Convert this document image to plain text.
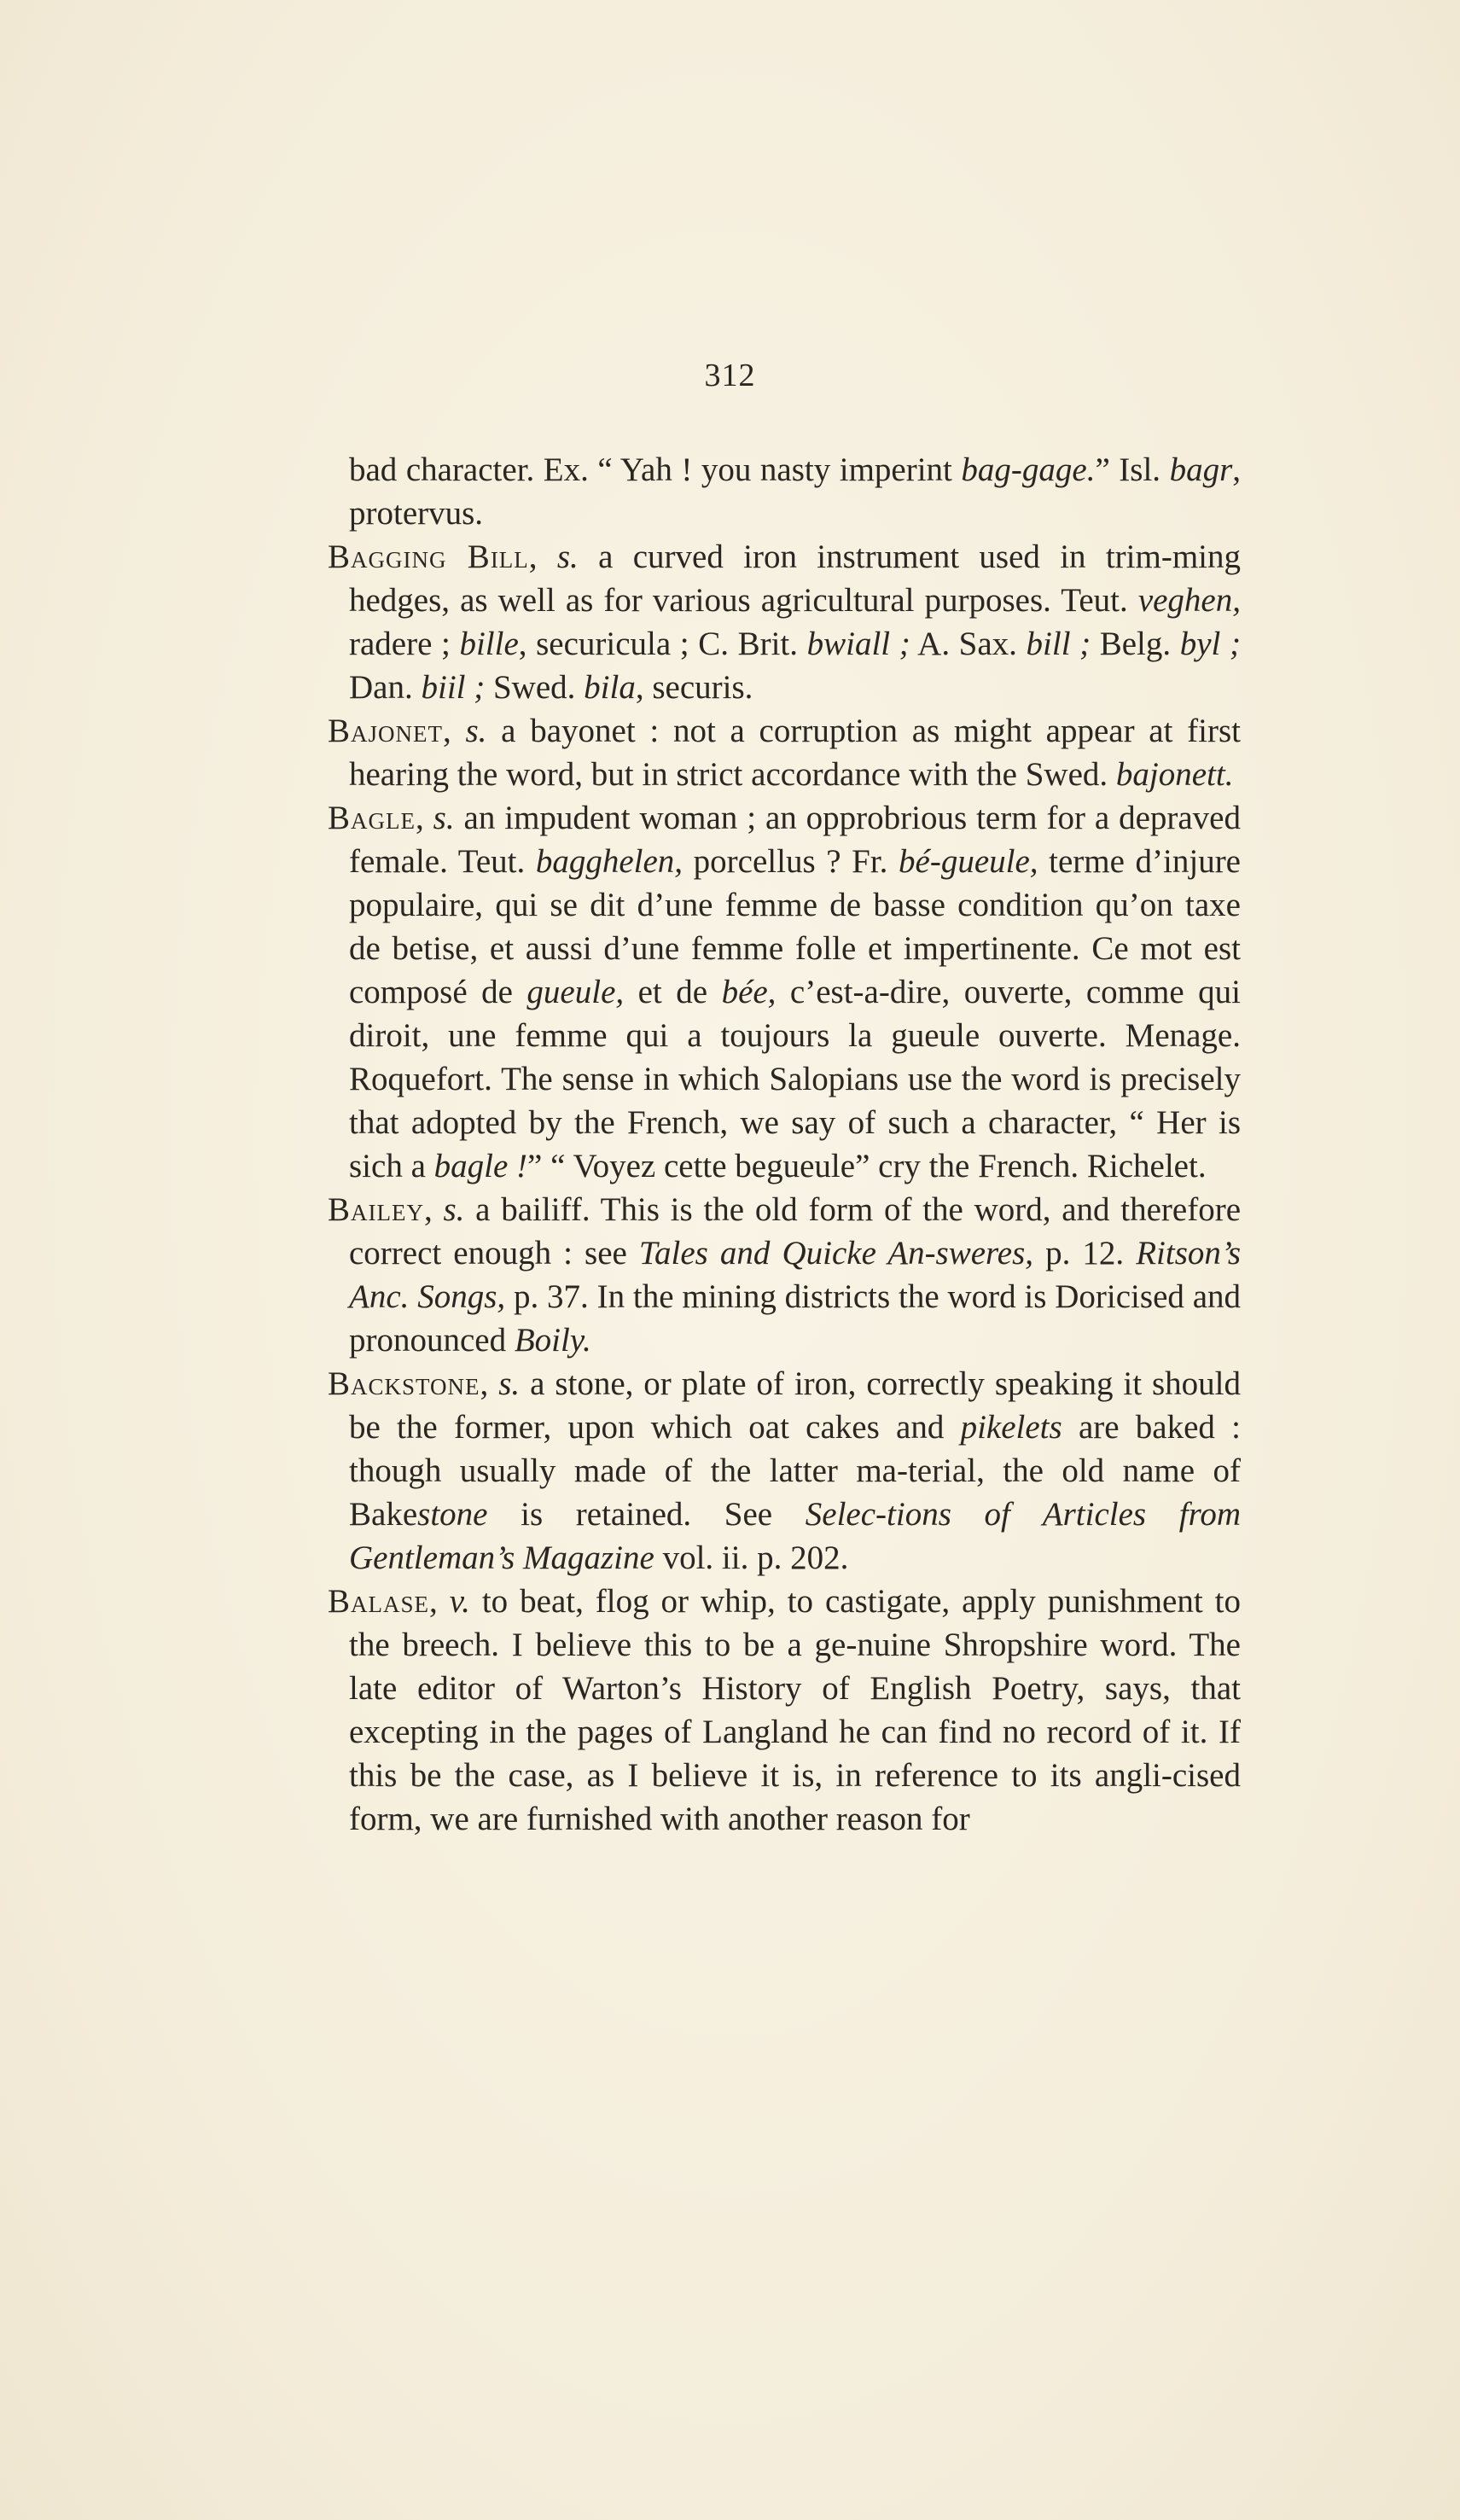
312

bad character. Ex. “ Yah ! you nasty imperint bag-gage.” Isl. bagr, protervus.

Bagging Bill, s. a curved iron instrument used in trim-ming hedges, as well as for various agricultural purposes. Teut. veghen, radere ; bille, securicula ; C. Brit. bwiall ; A. Sax. bill ; Belg. byl ; Dan. biil ; Swed. bila, securis.

Bajonet, s. a bayonet : not a corruption as might appear at first hearing the word, but in strict accordance with the Swed. bajonett.

Bagle, s. an impudent woman ; an opprobrious term for a depraved female. Teut. bagghelen, porcellus ? Fr. bé-gueule, terme d’injure populaire, qui se dit d’une femme de basse condition qu’on taxe de betise, et aussi d’une femme folle et impertinente. Ce mot est composé de gueule, et de bée, c’est-a-dire, ouverte, comme qui diroit, une femme qui a toujours la gueule ouverte. Menage. Roquefort. The sense in which Salopians use the word is precisely that adopted by the French, we say of such a character, “ Her is sich a bagle !” “ Voyez cette begueule” cry the French. Richelet.

Bailey, s. a bailiff. This is the old form of the word, and therefore correct enough : see Tales and Quicke An-sweres, p. 12. Ritson’s Anc. Songs, p. 37. In the mining districts the word is Doricised and pronounced Boily.

Backstone, s. a stone, or plate of iron, correctly speaking it should be the former, upon which oat cakes and pikelets are baked : though usually made of the latter ma-terial, the old name of Bakestone is retained. See Selec-tions of Articles from Gentleman’s Magazine vol. ii. p. 202.

Balase, v. to beat, flog or whip, to castigate, apply punishment to the breech. I believe this to be a ge-nuine Shropshire word. The late editor of Warton’s History of English Poetry, says, that excepting in the pages of Langland he can find no record of it. If this be the case, as I believe it is, in reference to its angli-cised form, we are furnished with another reason for
